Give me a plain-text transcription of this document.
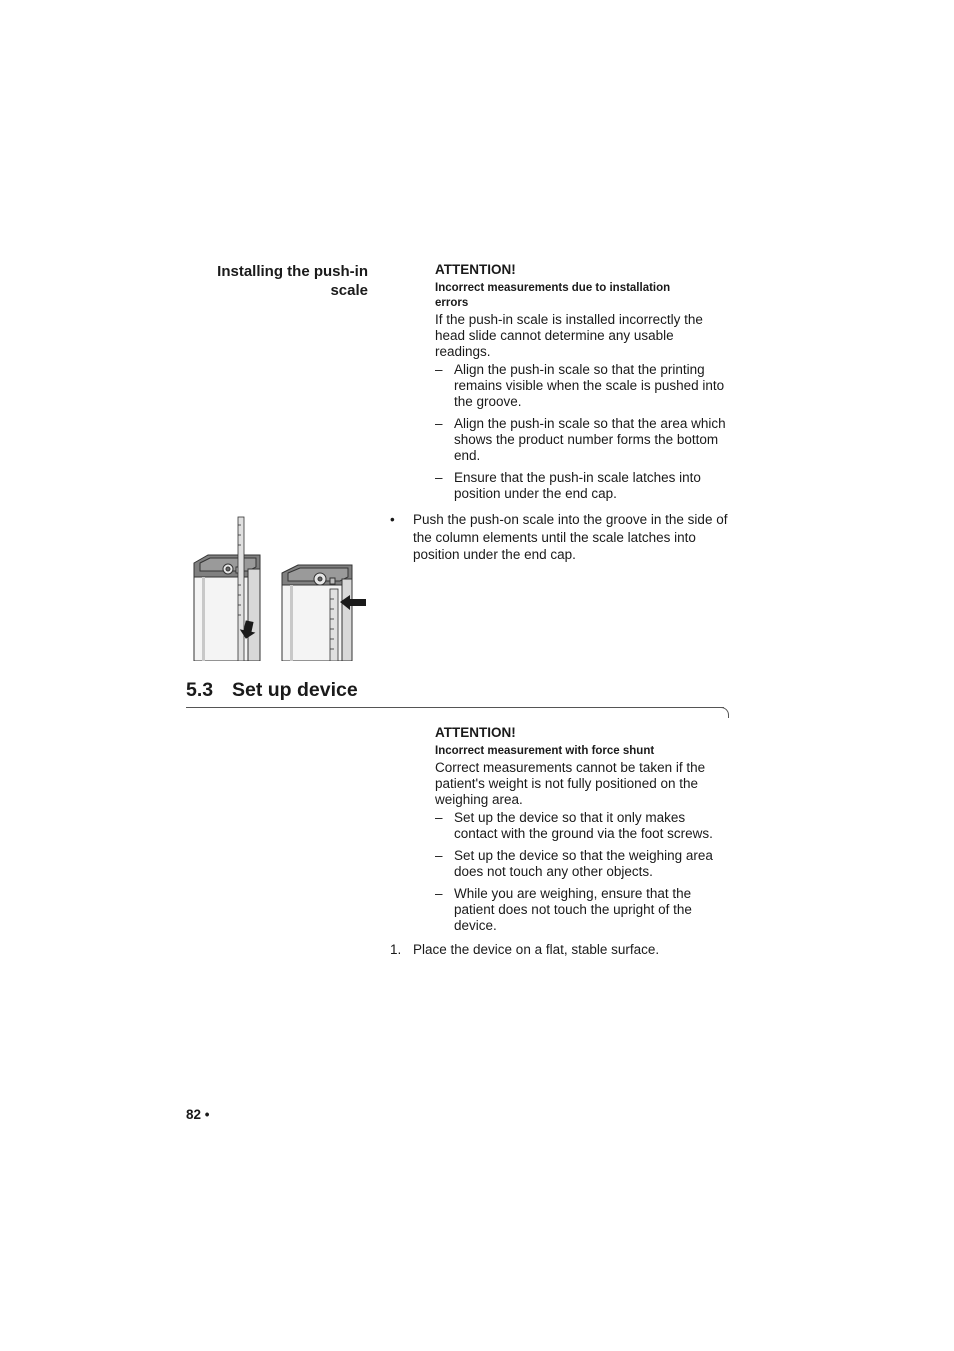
Installing the push-in
scale
ATTENTION!
Incorrect measurements due to installation
errors
If the push-in scale is installed incorrectly the head slide cannot determine any usable readings.
– Align the push-in scale so that the printing remains visible when the scale is pushed into the groove.
– Align the push-in scale so that the area which shows the product number forms the bottom end.
– Ensure that the push-in scale latches into position under the end cap.
• Push the push-on scale into the groove in the side of the column elements until the scale latches into position under the end cap.
5.3 Set up device
ATTENTION!
Incorrect measurement with force shunt
Correct measurements cannot be taken if the patient's weight is not fully positioned on the weighing area.
– Set up the device so that it only makes contact with the ground via the foot screws.
– Set up the device so that the weighing area does not touch any other objects.
– While you are weighing, ensure that the patient does not touch the upright of the device.
1. Place the device on a flat, stable surface.
82 •
